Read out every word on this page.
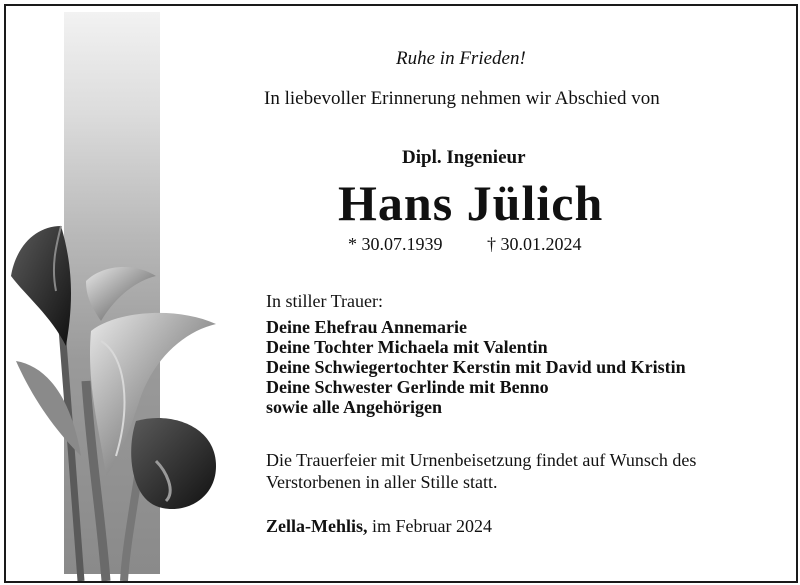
Ruhe in Frieden!
In liebevoller Erinnerung nehmen wir Abschied von
Dipl. Ingenieur
Hans Jülich
* 30.07.1939 † 30.01.2024
In stiller Trauer:
Deine Ehefrau Annemarie
Deine Tochter Michaela mit Valentin
Deine Schwiegertochter Kerstin mit David und Kristin
Deine Schwester Gerlinde mit Benno
sowie alle Angehörigen
Die Trauerfeier mit Urnenbeisetzung findet auf Wunsch des Verstorbenen in aller Stille statt.
Zella-Mehlis, im Februar 2024
